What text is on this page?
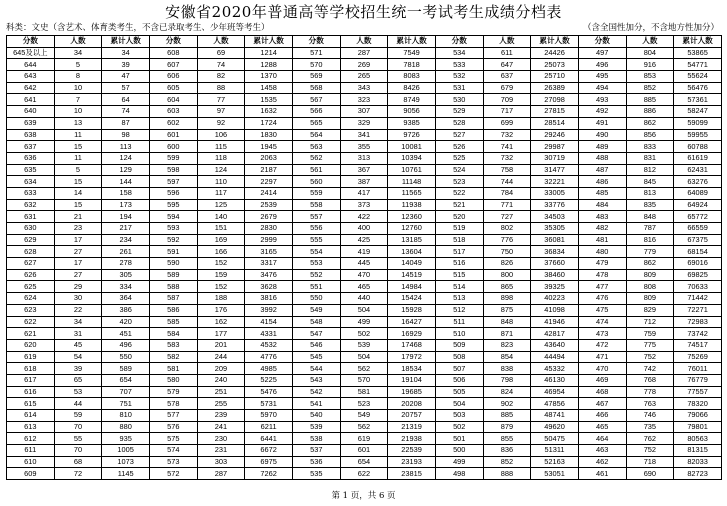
安徽省2020年普通高等学校招生统一考试考生成绩分档表
科类：文史（含艺术、体育类考生，不含已录取考生、少年班等考生）	（含全国性加分，不含地方性加分）
分数	人数	累计人数	分数	人数	累计人数	分数	人数	累计人数	分数	人数	累计人数	分数	人数	累计人数
645及以上	34	34	608	69	1214	571	287	7549	534	611	24426	497	804	53865
644	5	39	607	74	1288	570	269	7818	533	647	25073	496	916	54771
643	8	47	606	82	1370	569	265	8083	532	637	25710	495	853	55624
642	10	57	605	88	1458	568	343	8426	531	679	26389	494	852	56476
641	7	64	604	77	1535	567	323	8749	530	709	27098	493	885	57361
640	10	74	603	97	1632	566	307	9056	529	717	27815	492	886	58247
639	13	87	602	92	1724	565	329	9385	528	699	28514	491	862	59099
638	11	98	601	106	1830	564	341	9726	527	732	29246	490	856	59955
637	15	113	600	115	1945	563	355	10081	526	741	29987	489	833	60788
636	11	124	599	118	2063	562	313	10394	525	732	30719	488	831	61619
635	5	129	598	124	2187	561	367	10761	524	758	31477	487	812	62431
634	15	144	597	110	2297	560	387	11148	523	744	32221	486	845	63276
633	14	158	596	117	2414	559	417	11565	522	784	33005	485	813	64089
632	15	173	595	125	2539	558	373	11938	521	771	33776	484	835	64924
631	21	194	594	140	2679	557	422	12360	520	727	34503	483	848	65772
630	23	217	593	151	2830	556	400	12760	519	802	35305	482	787	66559
629	17	234	592	169	2999	555	425	13185	518	776	36081	481	816	67375
628	27	261	591	166	3165	554	419	13604	517	750	36834	480	779	68154
627	17	278	590	152	3317	553	445	14049	516	826	37660	479	862	69016
626	27	305	589	159	3476	552	470	14519	515	800	38460	478	809	69825
625	29	334	588	152	3628	551	465	14984	514	865	39325	477	808	70633
624	30	364	587	188	3816	550	440	15424	513	898	40223	476	809	71442
623	22	386	586	176	3992	549	504	15928	512	875	41098	475	829	72271
622	34	420	585	162	4154	548	499	16427	511	848	41946	474	712	72983
621	31	451	584	177	4331	547	502	16929	510	871	42817	473	759	73742
620	45	496	583	201	4532	546	539	17468	509	823	43640	472	775	74517
619	54	550	582	244	4776	545	504	17972	508	854	44494	471	752	75269
618	39	589	581	209	4985	544	562	18534	507	838	45332	470	742	76011
617	65	654	580	240	5225	543	570	19104	506	798	46130	469	768	76779
616	53	707	579	251	5476	542	581	19685	505	824	46954	468	778	77557
615	44	751	578	255	5731	541	523	20208	504	902	47856	467	763	78320
614	59	810	577	239	5970	540	549	20757	503	885	48741	466	746	79066
613	70	880	576	241	6211	539	562	21319	502	879	49620	465	735	79801
612	55	935	575	230	6441	538	619	21938	501	855	50475	464	762	80563
611	70	1005	574	231	6672	537	601	22539	500	836	51311	463	752	81315
610	68	1073	573	303	6975	536	654	23193	499	852	52163	462	718	82033
609	72	1145	572	287	7262	535	622	23815	498	888	53051	461	690	82723
第 1 页，共 6 页
